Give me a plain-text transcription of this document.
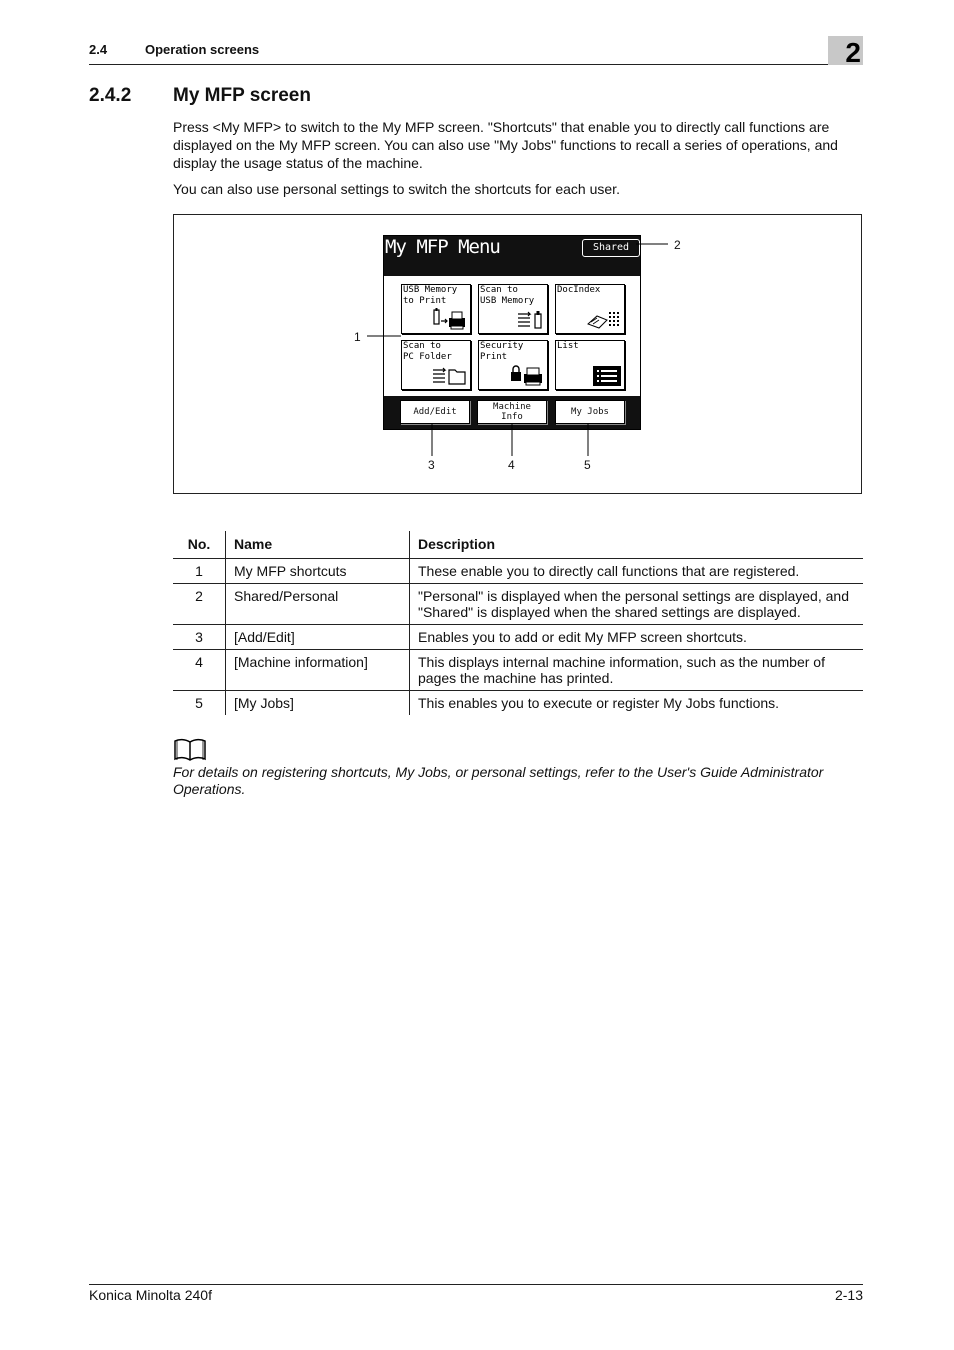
2.4	Operation screens	2
2.4.2 My MFP screen
Press <My MFP> to switch to the My MFP screen. "Shortcuts" that enable you to directly call functions are displayed on the My MFP screen. You can also use "My Jobs" functions to recall a series of operations, and display the usage status of the machine.
You can also use personal settings to switch the shortcuts for each user.
My MFP Menu	Shared
USB Memory
to Print
Scan to
USB Memory
DocIndex
Scan to
PC Folder
Security
Print
List
Add/Edit	Machine
Info	My Jobs
1
2
3	4	5
No.	Name	Description
1	My MFP shortcuts	These enable you to directly call functions that are registered.
2	Shared/Personal	"Personal" is displayed when the personal settings are displayed, and "Shared" is displayed when the shared settings are displayed.
3	[Add/Edit]	Enables you to add or edit My MFP screen shortcuts.
4	[Machine information]	This displays internal machine information, such as the number of pages the machine has printed.
5	[My Jobs]	This enables you to execute or register My Jobs functions.
For details on registering shortcuts, My Jobs, or personal settings, refer to the User's Guide Administrator Operations.
Konica Minolta 240f	2-13
